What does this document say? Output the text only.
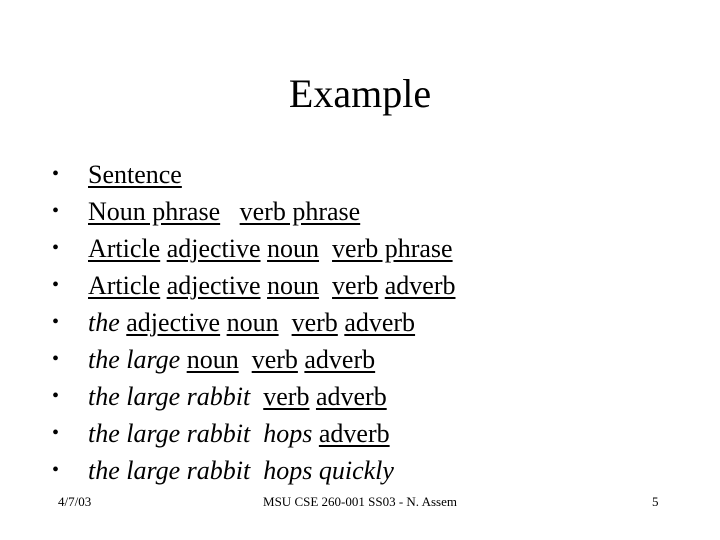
Example
• Sentence
• Noun phrase verb phrase
• Article adjective noun verb phrase
• Article adjective noun verb adverb
• the adjective noun verb adverb
• the large noun verb adverb
• the large rabbit verb adverb
• the large rabbit  hops adverb
• the large rabbit  hops quickly
4/7/03	MSU CSE 260-001 SS03 - N. Assem	5
